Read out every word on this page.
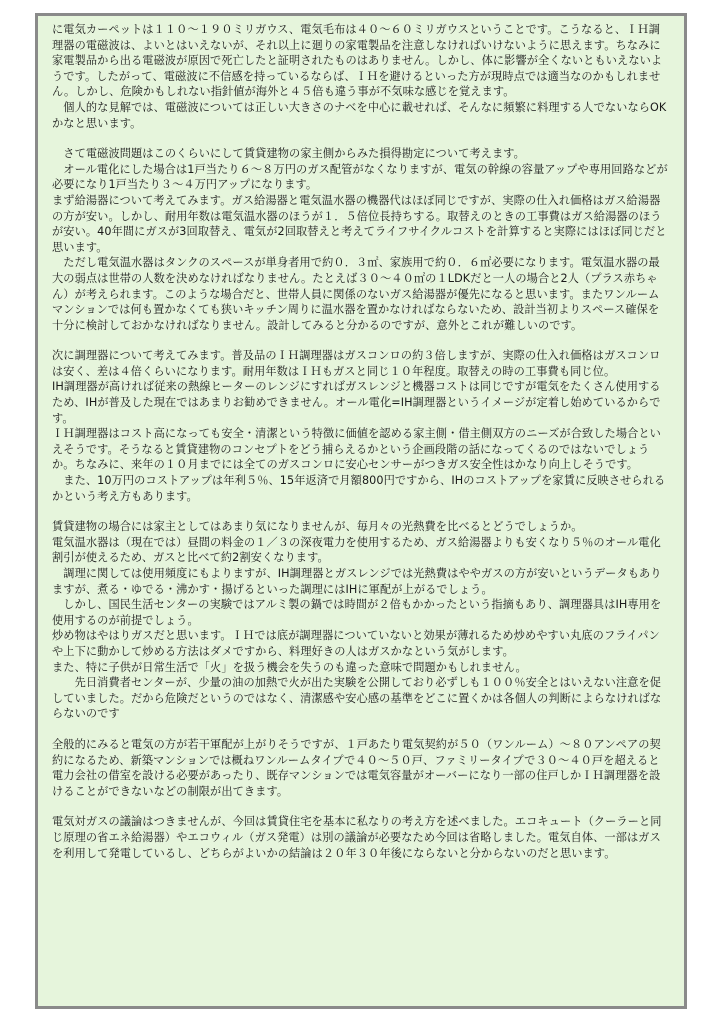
に電気カーペットは１１０～１９０ミリガウス、電気毛布は４０～６０ミリガウスということです。こうなると、ＩＨ調理器の電磁波は、よいとはいえないが、それ以上に廻りの家電製品を注意しなければいけないように思えます。ちなみに家電製品から出る電磁波が原因で死亡したと証明されたものはありません。しかし、体に影響が全くないともいえないようです。したがって、電磁波に不信感を持っているならば、ＩＨを避けるといった方が現時点では適当なのかもしれません。しかし、危険かもしれない指針値が海外と４５倍も違う事が不気味な感じを覚えます。

　個人的な見解では、電磁波については正しい大きさのナベを中心に載せれば、そんなに頻繁に料理する人でないならOKかなと思います。

　さて電磁波問題はこのくらいにして賃貸建物の家主側からみた損得勘定について考えます。

　オール電化にした場合は1戸当たり６～８万円のガス配管がなくなりますが、電気の幹線の容量アップや専用回路などが必要になり1戸当たり３～４万円アップになります。

まず給湯器について考えてみます。ガス給湯器と電気温水器の機器代はほぼ同じですが、実際の仕入れ価格はガス給湯器の方が安い。しかし、耐用年数は電気温水器のほうが１．５倍位長持ちする。取替えのときの工事費はガス給湯器のほうが安い。40年間にガスが3回取替え、電気が2回取替えと考えてライフサイクルコストを計算すると実際にはほぼ同じだと思います。

　ただし電気温水器はタンクのスペースが単身者用で約０．３㎡、家族用で約０．６㎡必要になります。電気温水器の最大の弱点は世帯の人数を決めなければなりません。たとえば３０～４０㎡の１LDKだと一人の場合と2人（プラス赤ちゃん）が考えられます。このような場合だと、世帯人員に関係のないガス給湯器が優先になると思います。またワンルームマンションでは何も置かなくても狭いキッチン周りに温水器を置かなければならないため、設計当初よりスペース確保を十分に検討しておかなければなりません。設計してみると分かるのですが、意外とこれが難しいのです。

次に調理器について考えてみます。普及品のＩＨ調理器はガスコンロの約３倍しますが、実際の仕入れ価格はガスコンロは安く、差は４倍くらいになります。耐用年数はＩＨもガスと同じ１０年程度。取替えの時の工事費も同じ位。

IH調理器が高ければ従来の熱線ヒーターのレンジにすればガスレンジと機器コストは同じですが電気をたくさん使用するため、IHが普及した現在ではあまりお勧めできません。オール電化=IH調理器というイメージが定着し始めているからです。

ＩＨ調理器はコスト高になっても安全・清潔という特徴に価値を認める家主側・借主側双方のニーズが合致した場合といえそうです。そうなると賃貸建物のコンセプトをどう捕らえるかという企画段階の話になってくるのではないでしょうか。ちなみに、来年の１０月までには全てのガスコンロに安心センサーがつきガス安全性はかなり向上しそうです。

　また、10万円のコストアップは年利５％、15年返済で月額800円ですから、IHのコストアップを家賃に反映させられるかという考え方もあります。

賃貸建物の場合には家主としてはあまり気になりませんが、毎月々の光熱費を比べるとどうでしょうか。

電気温水器は（現在では）昼間の料金の１／３の深夜電力を使用するため、ガス給湯器よりも安くなり５％のオール電化割引が使えるため、ガスと比べて約2割安くなります。

　調理に関しては使用頻度にもよりますが、IH調理器とガスレンジでは光熱費はややガスの方が安いというデータもありますが、煮る・ゆでる・沸かす・揚げるといった調理にはIHに軍配が上がるでしょう。

　しかし、国民生活センターの実験ではアルミ製の鍋では時間が２倍もかかったという指摘もあり、調理器具はIH専用を使用するのが前提でしょう。

炒め物はやはりガスだと思います。ＩＨでは底が調理器についていないと効果が薄れるため炒めやすい丸底のフライパンや上下に動かして炒める方法はダメですから、料理好きの人はガスかなという気がします。

また、特に子供が日常生活で「火」を扱う機会を失うのも違った意味で問題かもしれません。

　　先日消費者センターが、少量の油の加熱で火が出た実験を公開しており必ずしも１００％安全とはいえない注意を促していました。だから危険だというのではなく、清潔感や安心感の基準をどこに置くかは各個人の判断によらなければならないのです

全般的にみると電気の方が若干軍配が上がりそうですが、１戸あたり電気契約が５０（ワンルーム）～８０アンペアの契約になるため、新築マンションでは概ねワンルームタイプで４０～５０戸、ファミリータイプで３０～４０戸を超えると電力会社の借室を設ける必要があったり、既存マンションでは電気容量がオーバーになり一部の住戸しかＩＨ調理器を設けることができないなどの制限が出てきます。

電気対ガスの議論はつきませんが、今回は賃貸住宅を基本に私なりの考え方を述べました。エコキュート（クーラーと同じ原理の省エネ給湯器）やエコウィル（ガス発電）は別の議論が必要なため今回は省略しました。電気自体、一部はガスを利用して発電しているし、どちらがよいかの結論は２０年３０年後にならないと分からないのだと思います。
